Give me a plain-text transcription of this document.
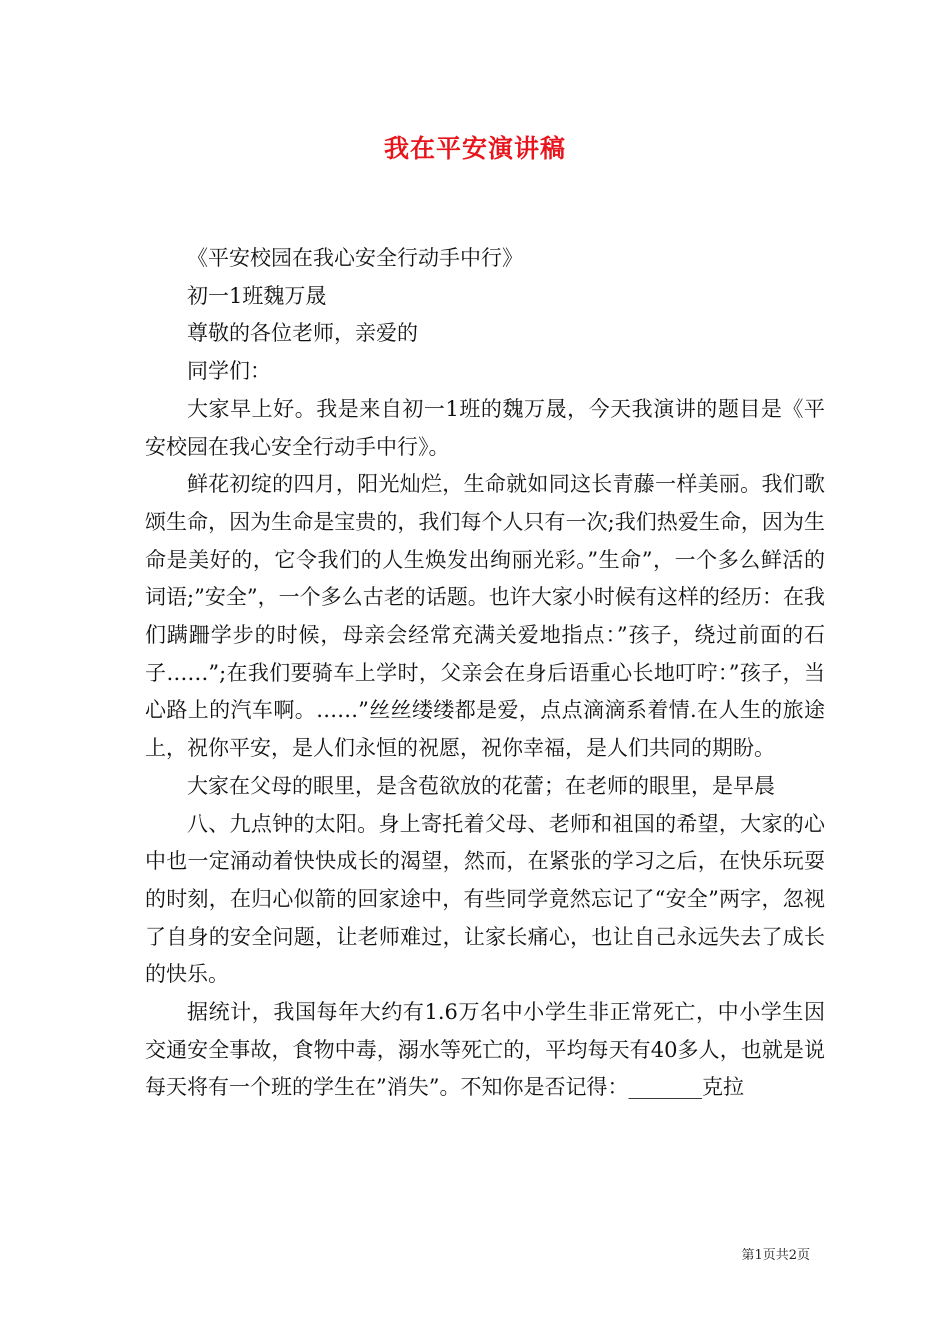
我在平安演讲稿

《平安校园在我心安全行动手中行》

初一1班魏万晟

尊敬的各位老师，亲爱的

同学们：

大家早上好。我是来自初一1班的魏万晟，今天我演讲的题目是《平安校园在我心安全行动手中行》。

鲜花初绽的四月，阳光灿烂，生命就如同这长青藤一样美丽。我们歌颂生命，因为生命是宝贵的，我们每个人只有一次;我们热爱生命，因为生命是美好的，它令我们的人生焕发出绚丽光彩。”生命”，一个多么鲜活的词语;”安全”，一个多么古老的话题。也许大家小时候有这样的经历：在我们蹒跚学步的时候，母亲会经常充满关爱地指点：”孩子，绕过前面的石子……”;在我们要骑车上学时，父亲会在身后语重心长地叮咛：”孩子，当心路上的汽车啊。……”丝丝缕缕都是爱，点点滴滴系着情.在人生的旅途上，祝你平安，是人们永恒的祝愿，祝你幸福，是人们共同的期盼。

大家在父母的眼里，是含苞欲放的花蕾；在老师的眼里，是早晨

八、九点钟的太阳。身上寄托着父母、老师和祖国的希望，大家的心中也一定涌动着快快成长的渴望，然而，在紧张的学习之后，在快乐玩耍的时刻，在归心似箭的回家途中，有些同学竟然忘记了“安全”两字，忽视了自身的安全问题，让老师难过，让家长痛心，也让自己永远失去了成长的快乐。

据统计，我国每年大约有1.6万名中小学生非正常死亡，中小学生因交通安全事故，食物中毒，溺水等死亡的，平均每天有40多人，也就是说每天将有一个班的学生在”消失”。不知你是否记得：_______克拉

第1页共2页
